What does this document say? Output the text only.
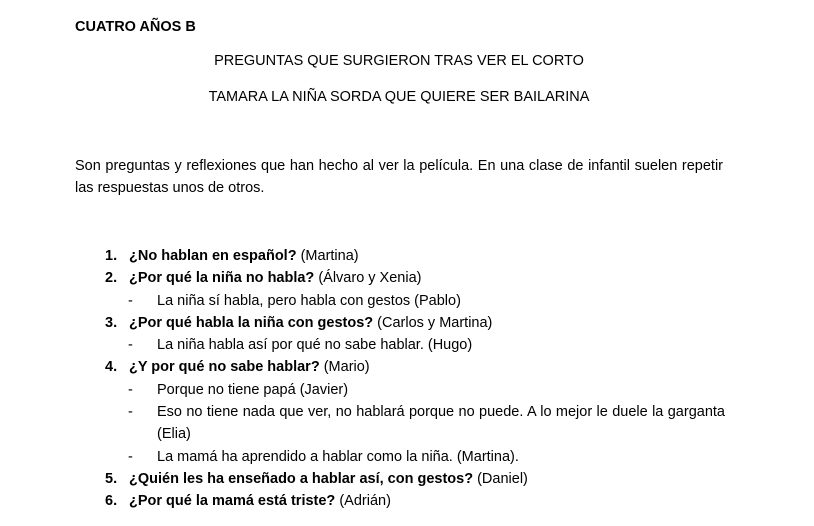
CUATRO AÑOS B
PREGUNTAS QUE SURGIERON TRAS VER EL CORTO
TAMARA LA NIÑA SORDA QUE QUIERE SER BAILARINA
Son preguntas y reflexiones que han hecho al ver la película. En una clase de infantil suelen repetir las respuestas unos de otros.
1. ¿No hablan en español? (Martina)
2. ¿Por qué la niña no habla? (Álvaro y Xenia)
- La niña sí habla, pero habla con gestos (Pablo)
3. ¿Por qué habla la niña con gestos? (Carlos y Martina)
- La niña habla así por qué no sabe hablar. (Hugo)
4. ¿Y por qué no sabe hablar? (Mario)
- Porque no tiene papá (Javier)
- Eso no tiene nada que ver, no hablará porque no puede. A lo mejor le duele la garganta (Elia)
- La mamá ha aprendido a hablar como la niña. (Martina).
5. ¿Quién les ha enseñado a hablar así, con gestos? (Daniel)
6. ¿Por qué la mamá está triste? (Adrián)
